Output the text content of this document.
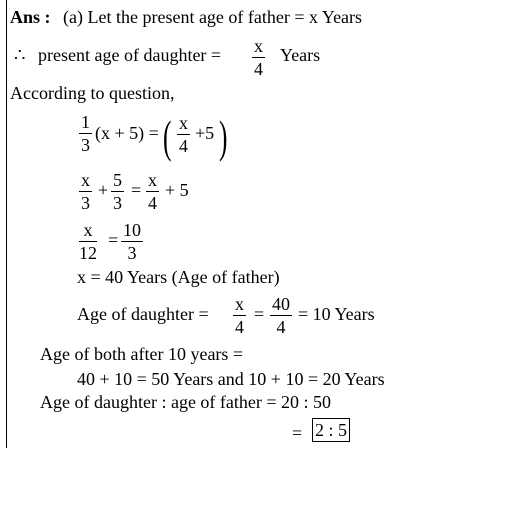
Ans : (a) Let the present age of father = x Years
∴ present age of daughter = $\frac{x}{4}$ Years
According to question,
$\frac{1}{3} (x + 5)$ = ( $\frac{x}{4} +5$ )
$\frac{x}{3} + \frac{5}{3} = \frac{x}{4} + 5$
$\frac{x}{12} = \frac{10}{3}$
x = 40 Years (Age of father)
Age of daughter = $\frac{x}{4} = \frac{40}{4} = 10$ Years
Age of both after 10 years =
40 + 10 = 50 Years and 10 + 10 = 20 Years
Age of daughter : age of father = 20 : 50
= 2 : 5
